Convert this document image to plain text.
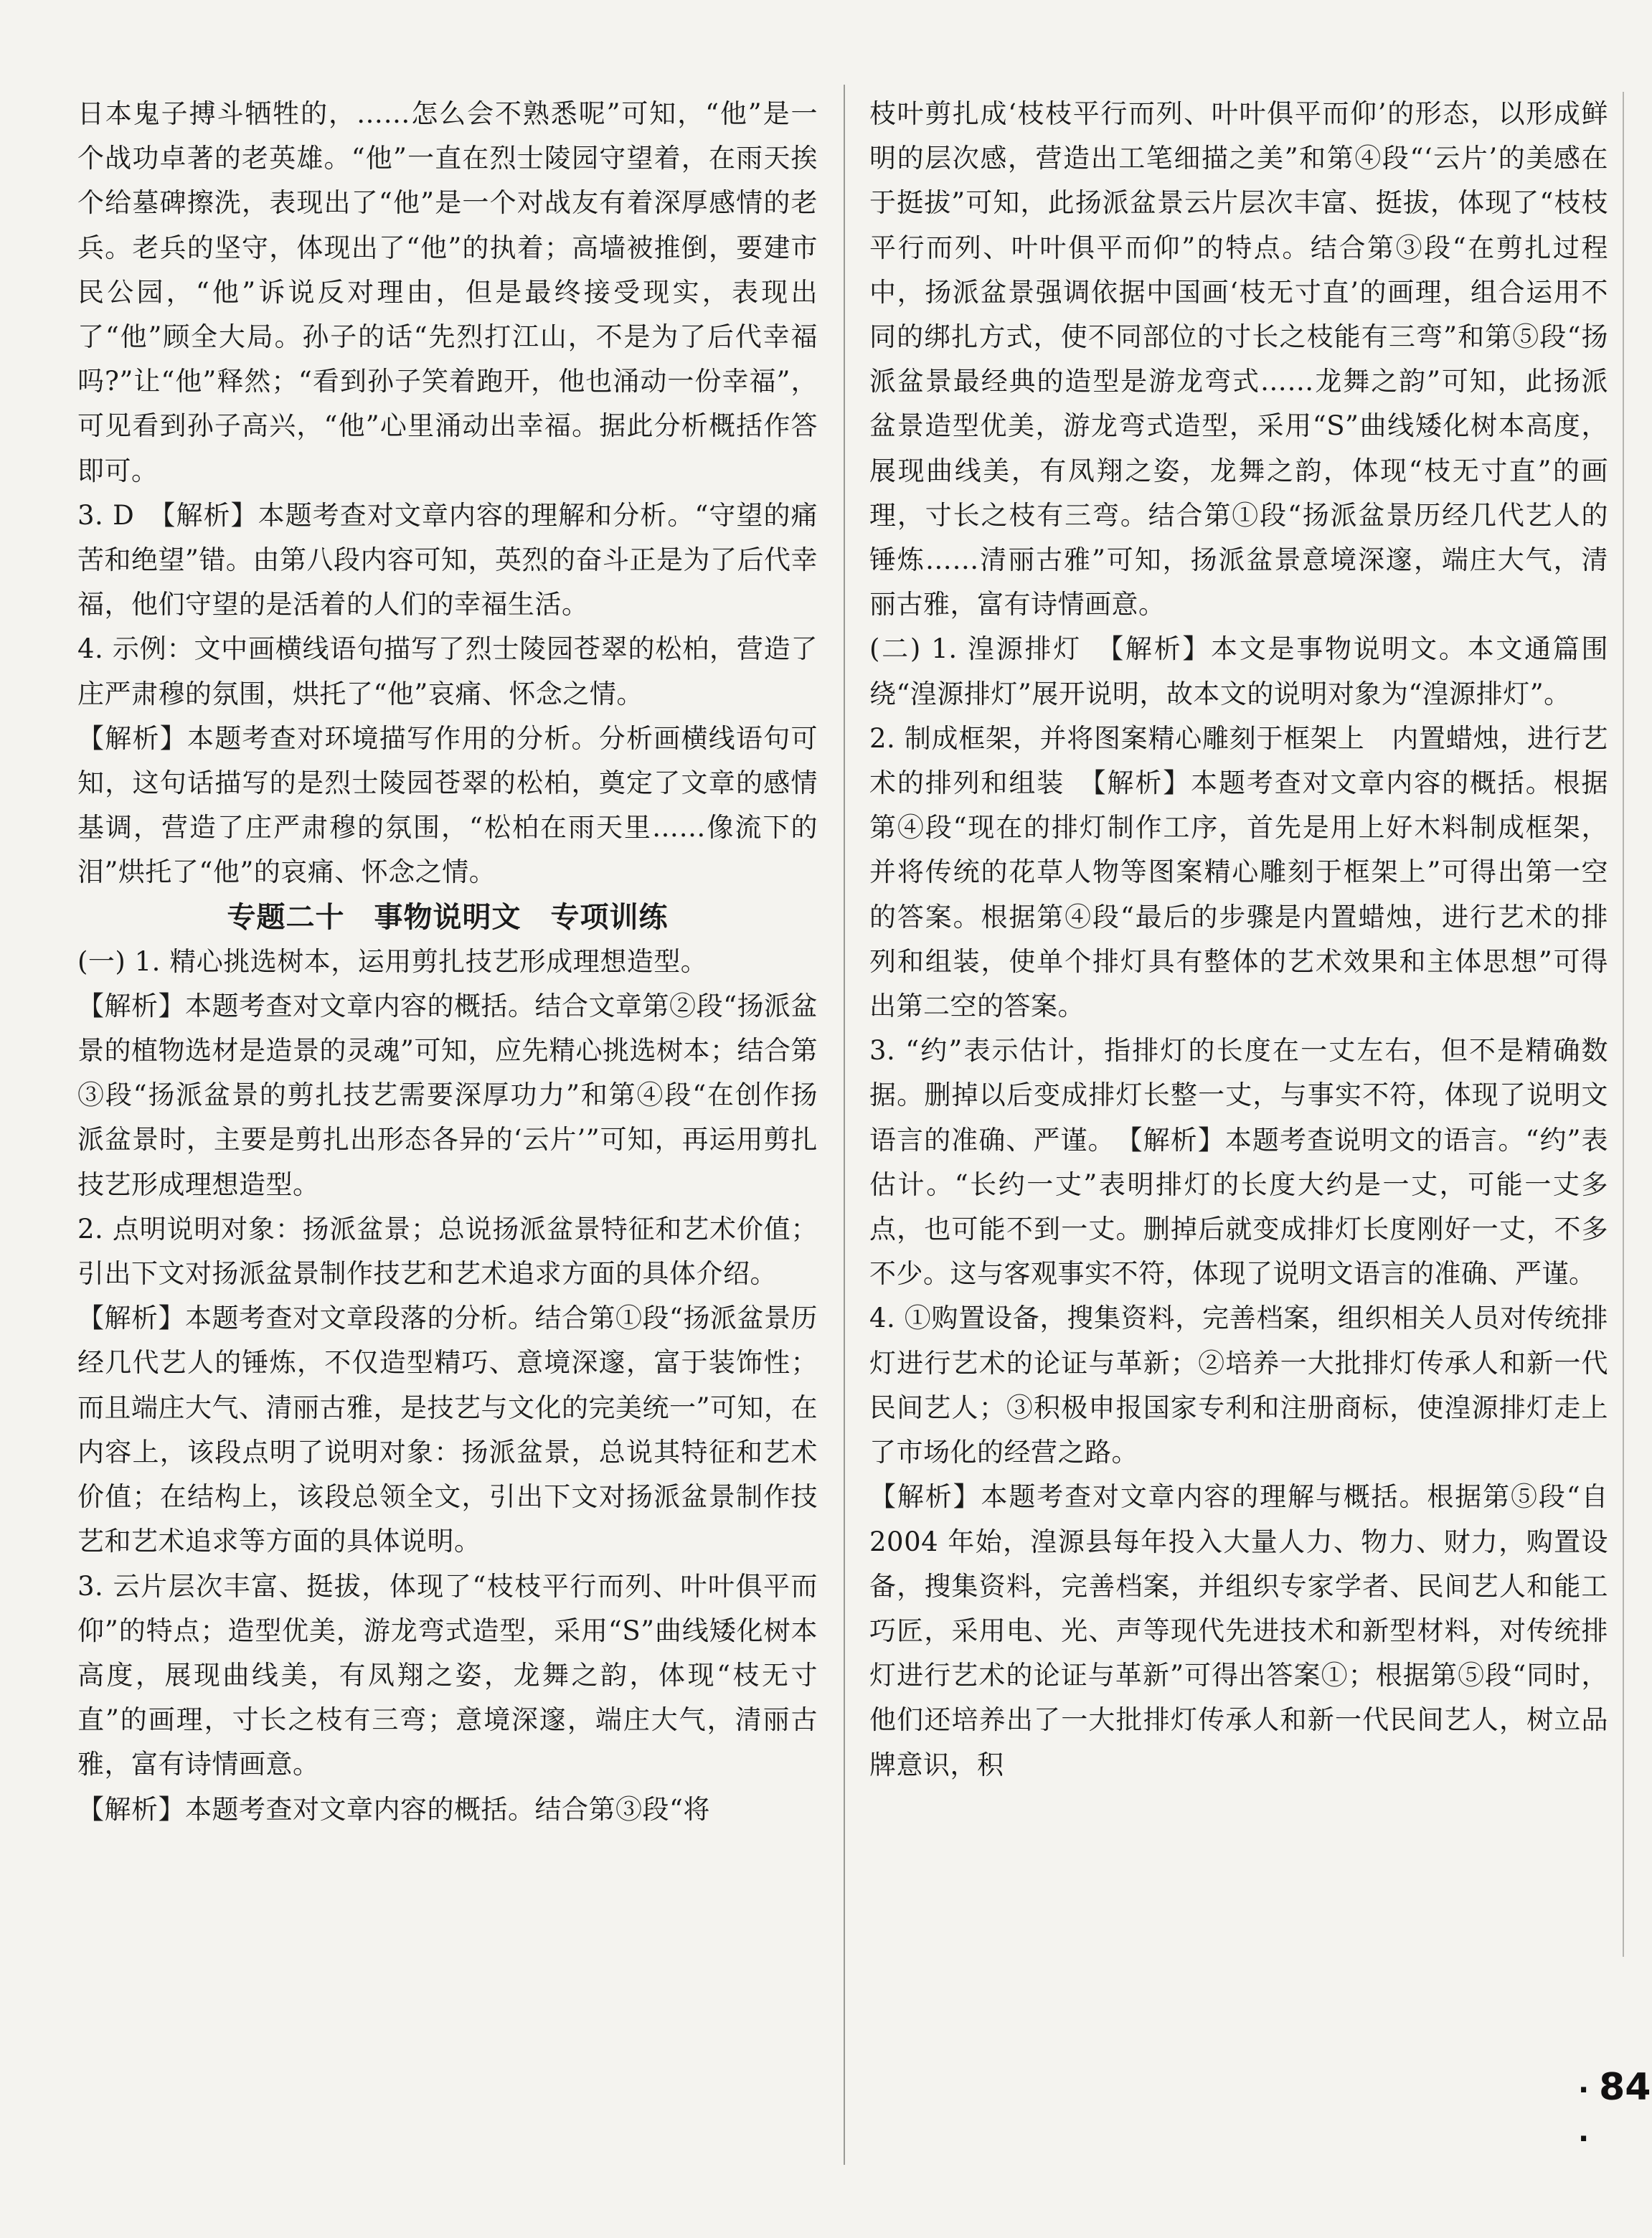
日本鬼子搏斗牺牲的，……怎么会不熟悉呢”可知，“他”是一个战功卓著的老英雄。“他”一直在烈士陵园守望着，在雨天挨个给墓碑擦洗，表现出了“他”是一个对战友有着深厚感情的老兵。老兵的坚守，体现出了“他”的执着；高墙被推倒，要建市民公园，“他”诉说反对理由，但是最终接受现实，表现出了“他”顾全大局。孙子的话“先烈打江山，不是为了后代幸福吗?”让“他”释然；“看到孙子笑着跑开，他也涌动一份幸福”，可见看到孙子高兴，“他”心里涌动出幸福。据此分析概括作答即可。

3. D　 【解析】本题考查对文章内容的理解和分析。“守望的痛苦和绝望”错。由第八段内容可知，英烈的奋斗正是为了后代幸福，他们守望的是活着的人们的幸福生活。

4. 示例：文中画横线语句描写了烈士陵园苍翠的松柏，营造了庄严肃穆的氛围，烘托了“他”哀痛、怀念之情。

【解析】本题考查对环境描写作用的分析。分析画横线语句可知，这句话描写的是烈士陵园苍翠的松柏，奠定了文章的感情基调，营造了庄严肃穆的氛围，“松柏在雨天里……像流下的泪”烘托了“他”的哀痛、怀念之情。

专题二十　事物说明文　专项训练

(一) 1. 精心挑选树本，运用剪扎技艺形成理想造型。

【解析】本题考查对文章内容的概括。结合文章第②段“扬派盆景的植物选材是造景的灵魂”可知，应先精心挑选树本；结合第③段“扬派盆景的剪扎技艺需要深厚功力”和第④段“在创作扬派盆景时，主要是剪扎出形态各异的‘云片’”可知，再运用剪扎技艺形成理想造型。

2. 点明说明对象：扬派盆景；总说扬派盆景特征和艺术价值；引出下文对扬派盆景制作技艺和艺术追求方面的具体介绍。

【解析】本题考查对文章段落的分析。结合第①段“扬派盆景历经几代艺人的锤炼，不仅造型精巧、意境深邃，富于装饰性；而且端庄大气、清丽古雅，是技艺与文化的完美统一”可知，在内容上，该段点明了说明对象：扬派盆景，总说其特征和艺术价值；在结构上，该段总领全文，引出下文对扬派盆景制作技艺和艺术追求等方面的具体说明。

3. 云片层次丰富、挺拔，体现了“枝枝平行而列、叶叶俱平而仰”的特点；造型优美，游龙弯式造型，采用“S”曲线矮化树本高度，展现曲线美，有凤翔之姿，龙舞之韵，体现“枝无寸直”的画理，寸长之枝有三弯；意境深邃，端庄大气，清丽古雅，富有诗情画意。

【解析】本题考查对文章内容的概括。结合第③段“将

枝叶剪扎成‘枝枝平行而列、叶叶俱平而仰’的形态，以形成鲜明的层次感，营造出工笔细描之美”和第④段“‘云片’的美感在于挺拔”可知，此扬派盆景云片层次丰富、挺拔，体现了“枝枝平行而列、叶叶俱平而仰”的特点。结合第③段“在剪扎过程中，扬派盆景强调依据中国画‘枝无寸直’的画理，组合运用不同的绑扎方式，使不同部位的寸长之枝能有三弯”和第⑤段“扬派盆景最经典的造型是游龙弯式……龙舞之韵”可知，此扬派盆景造型优美，游龙弯式造型，采用“S”曲线矮化树本高度，展现曲线美，有凤翔之姿，龙舞之韵，体现“枝无寸直”的画理，寸长之枝有三弯。结合第①段“扬派盆景历经几代艺人的锤炼……清丽古雅”可知，扬派盆景意境深邃，端庄大气，清丽古雅，富有诗情画意。

(二) 1. 湟源排灯　【解析】本文是事物说明文。本文通篇围绕“湟源排灯”展开说明，故本文的说明对象为“湟源排灯”。

2. 制成框架，并将图案精心雕刻于框架上　内置蜡烛，进行艺术的排列和组装　【解析】本题考查对文章内容的概括。根据第④段“现在的排灯制作工序，首先是用上好木料制成框架，并将传统的花草人物等图案精心雕刻于框架上”可得出第一空的答案。根据第④段“最后的步骤是内置蜡烛，进行艺术的排列和组装，使单个排灯具有整体的艺术效果和主体思想”可得出第二空的答案。

3. “约”表示估计，指排灯的长度在一丈左右，但不是精确数据。删掉以后变成排灯长整一丈，与事实不符，体现了说明文语言的准确、严谨。　【解析】本题考查说明文的语言。“约”表估计。“长约一丈”表明排灯的长度大约是一丈，可能一丈多点，也可能不到一丈。删掉后就变成排灯长度刚好一丈，不多不少。这与客观事实不符，体现了说明文语言的准确、严谨。

4. ①购置设备，搜集资料，完善档案，组织相关人员对传统排灯进行艺术的论证与革新；②培养一大批排灯传承人和新一代民间艺人；③积极申报国家专利和注册商标，使湟源排灯走上了市场化的经营之路。

【解析】本题考查对文章内容的理解与概括。根据第⑤段“自 2004 年始，湟源县每年投入大量人力、物力、财力，购置设备，搜集资料，完善档案，并组织专家学者、民间艺人和能工巧匠，采用电、光、声等现代先进技术和新型材料，对传统排灯进行艺术的论证与革新”可得出答案①；根据第⑤段“同时，他们还培养出了一大批排灯传承人和新一代民间艺人，树立品牌意识，积

· 84 ·
